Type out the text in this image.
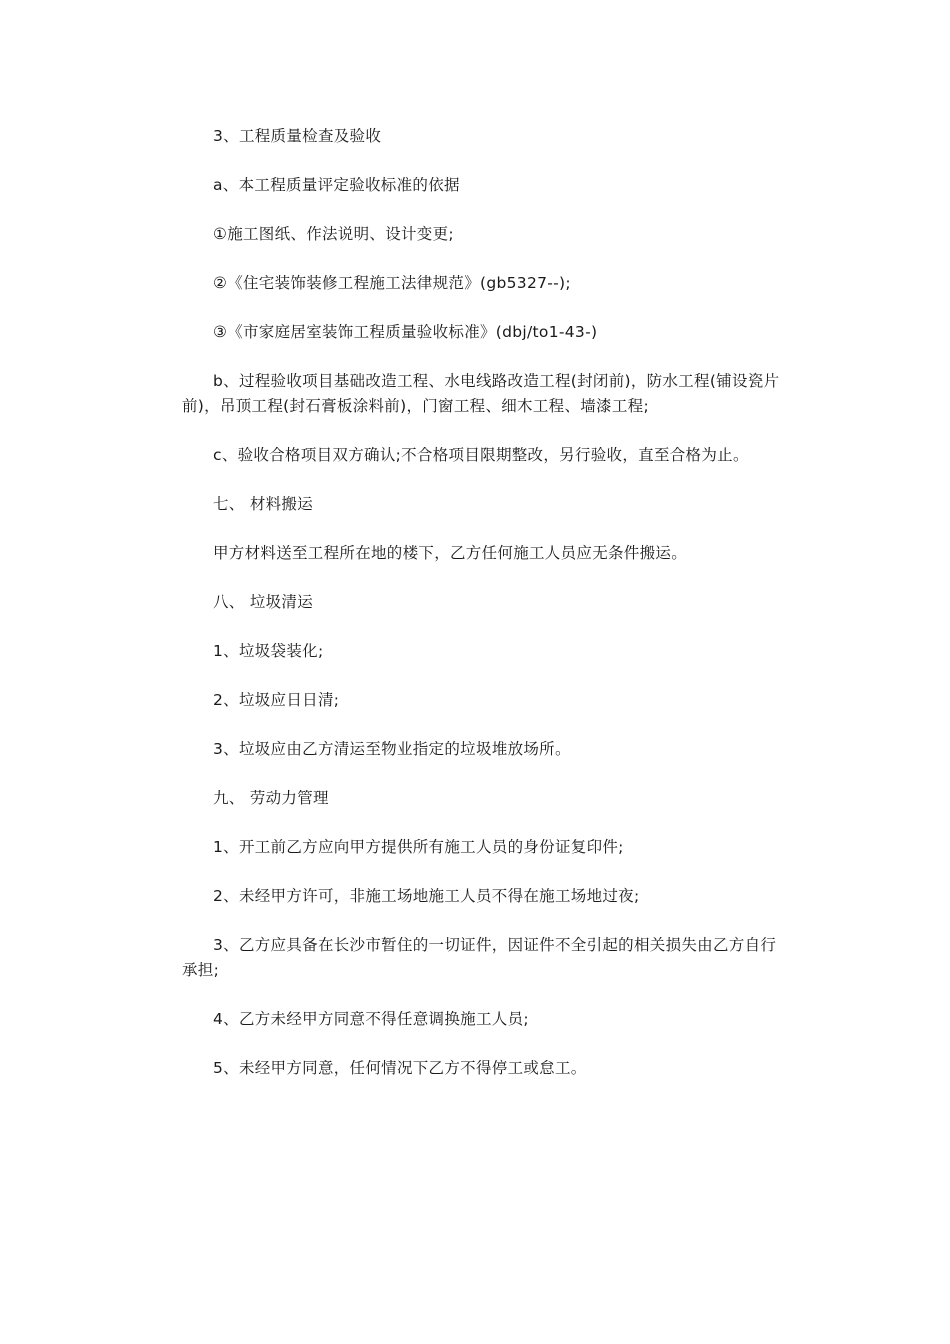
3、工程质量检查及验收

a、本工程质量评定验收标准的依据

①施工图纸、作法说明、设计变更;

②《住宅装饰装修工程施工法律规范》(gb5327--);

③《市家庭居室装饰工程质量验收标准》(dbj/to1-43-)

b、过程验收项目基础改造工程、水电线路改造工程(封闭前)，防水工程(铺设瓷片前)，吊顶工程(封石膏板涂料前)，门窗工程、细木工程、墙漆工程;

c、验收合格项目双方确认;不合格项目限期整改，另行验收，直至合格为止。

七、 材料搬运

甲方材料送至工程所在地的楼下，乙方任何施工人员应无条件搬运。

八、 垃圾清运

1、垃圾袋装化;

2、垃圾应日日清;

3、垃圾应由乙方清运至物业指定的垃圾堆放场所。

九、 劳动力管理

1、开工前乙方应向甲方提供所有施工人员的身份证复印件;

2、未经甲方许可，非施工场地施工人员不得在施工场地过夜;

3、乙方应具备在长沙市暂住的一切证件，因证件不全引起的相关损失由乙方自行承担;

4、乙方未经甲方同意不得任意调换施工人员;

5、未经甲方同意，任何情况下乙方不得停工或怠工。
